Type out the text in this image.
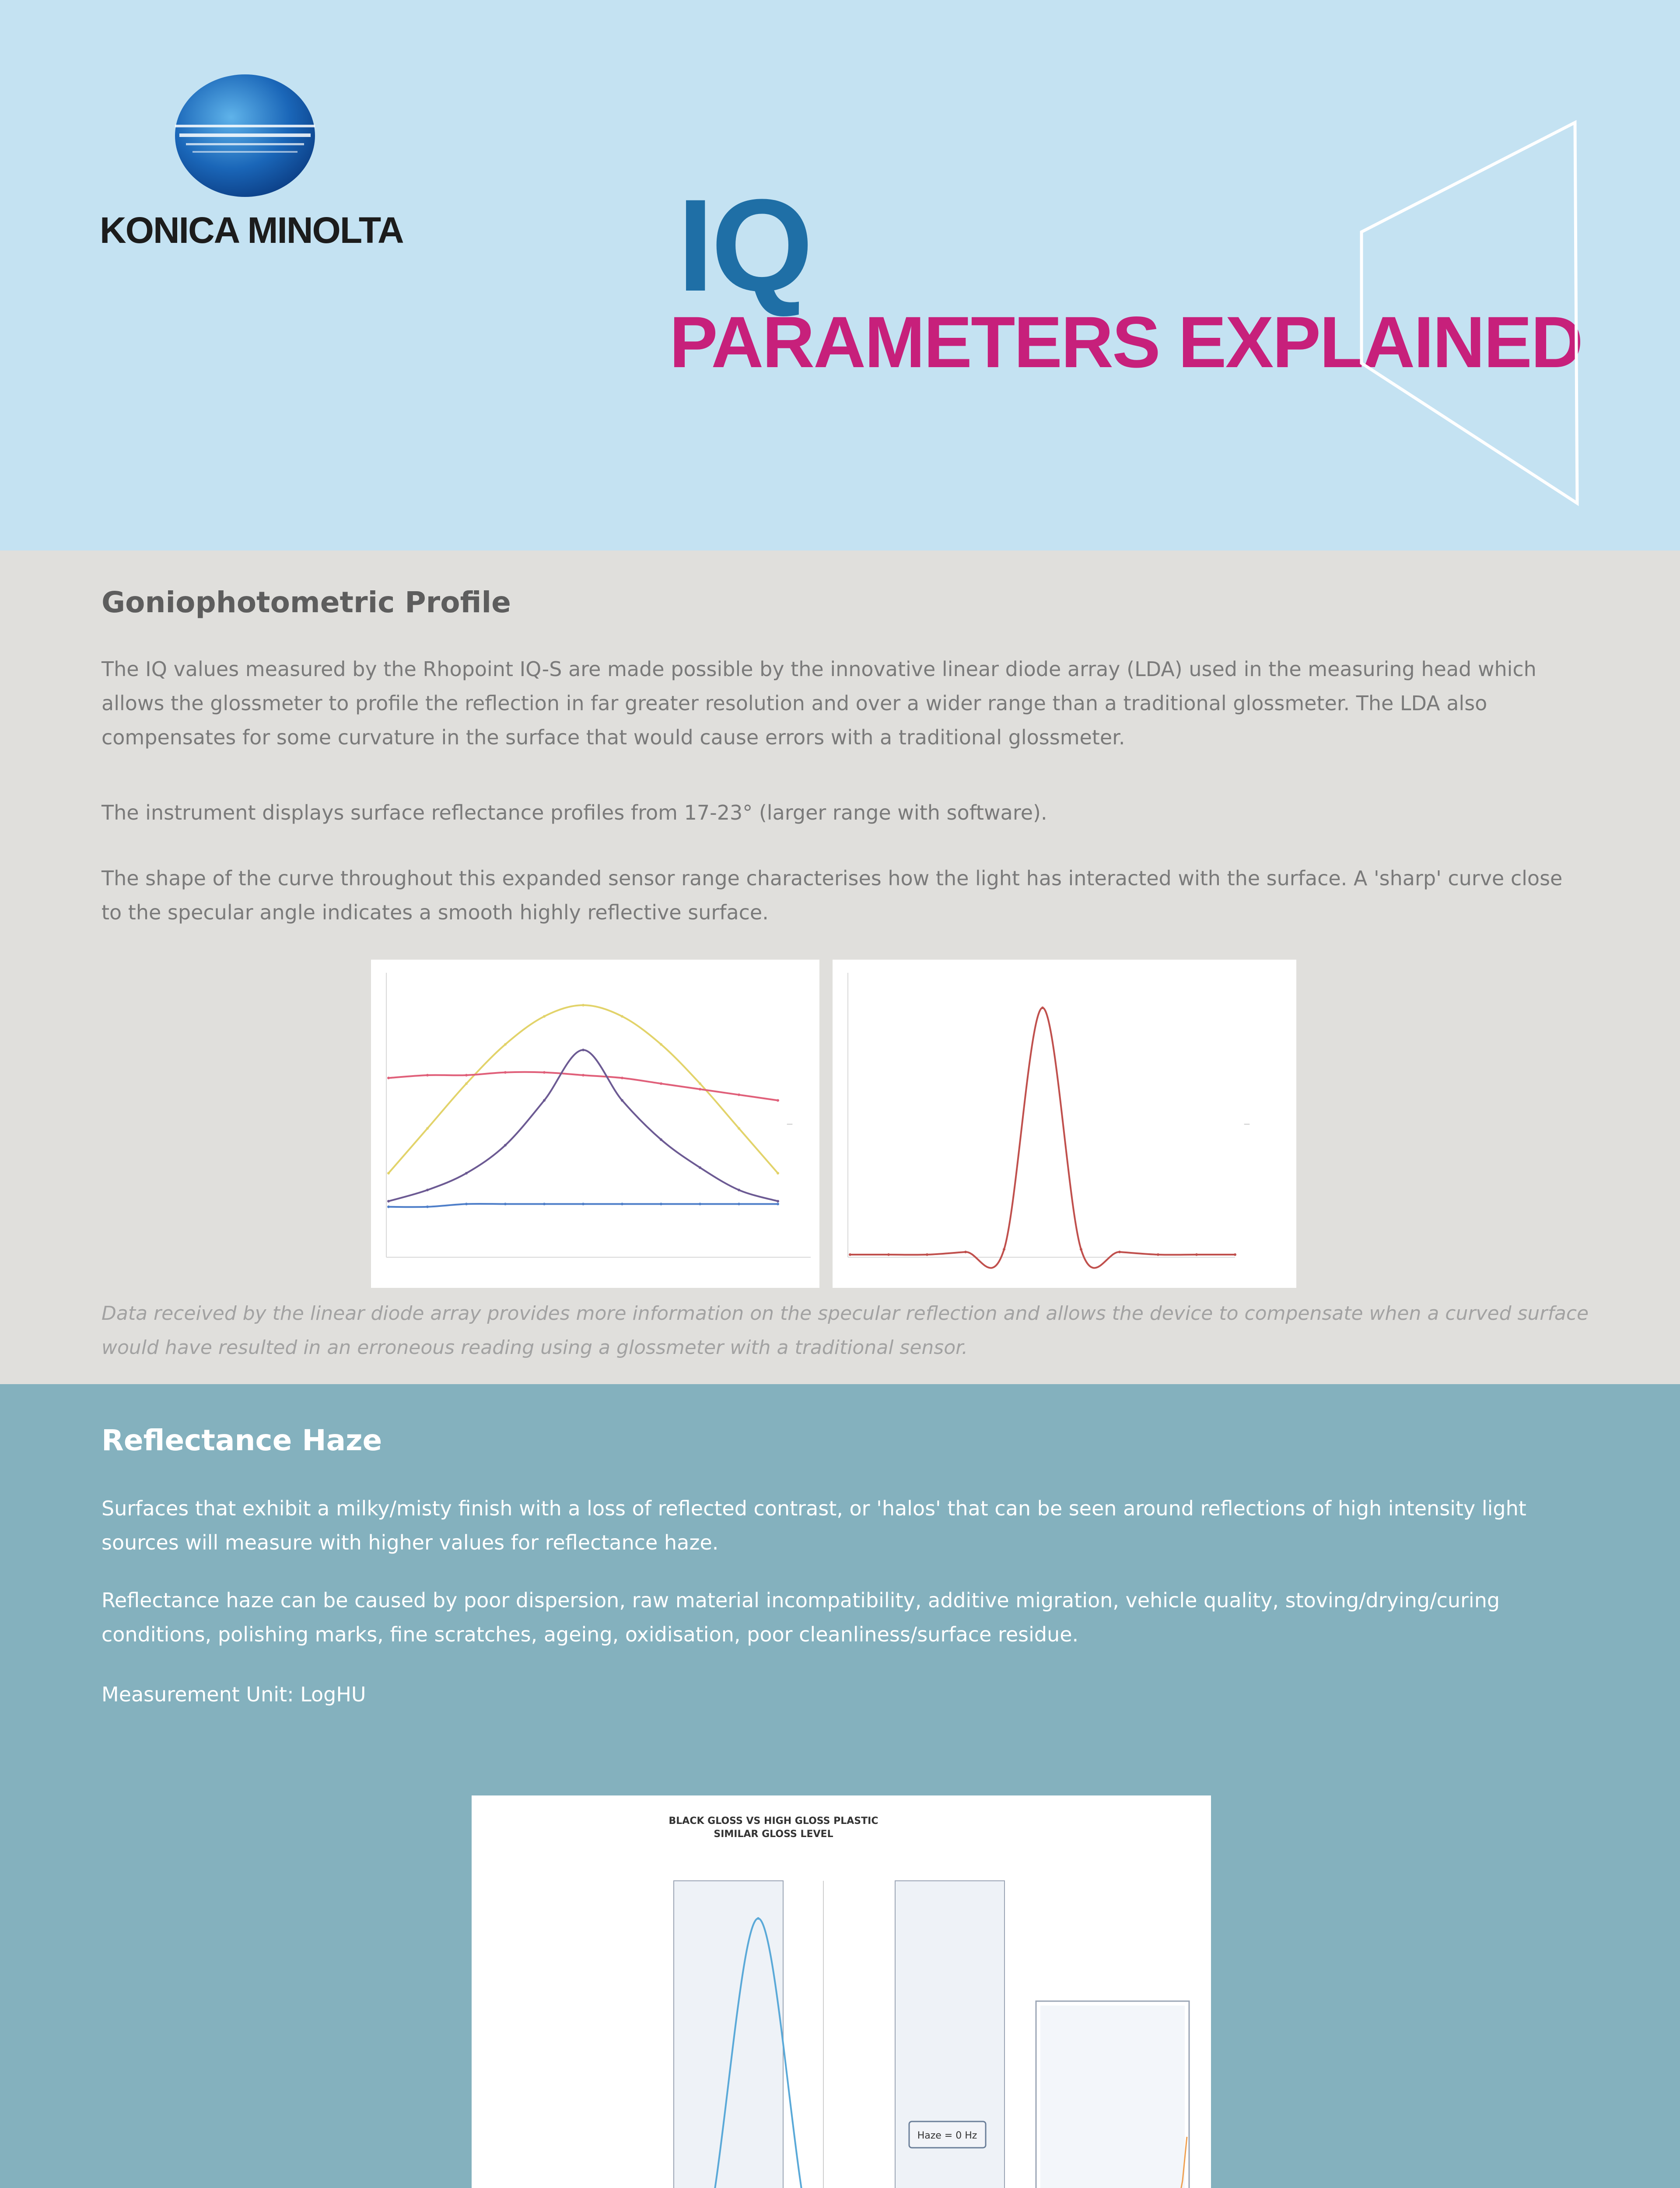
KONICA MINOLTA IQ
PARAMETERS EXPLAINED
Goniophotometric Profile
The IQ values measured by the Rhopoint IQ-S are made possible by the innovative linear diode array (LDA) used in the measuring head which allows the glossmeter to profile the reflection in far greater resolution and over a wider range than a traditional glossmeter. The LDA also compensates for some curvature in the surface that would cause errors with a traditional glossmeter.
The instrument displays surface reflectance profiles from 17-23° (larger range with software).
The shape of the curve throughout this expanded sensor range characterises how the light has interacted with the surface. A 'sharp' curve close to the specular angle indicates a smooth highly reflective surface.
—	—
Data received by the linear diode array provides more information on the specular reflection and allows the device to compensate when a curved surface would have resulted in an erroneous reading using a glossmeter with a traditional sensor.
Reflectance Haze
Surfaces that exhibit a milky/misty finish with a loss of reflected contrast, or 'halos' that can be seen around reflections of high intensity light sources will measure with higher values for reflectance haze.
Reflectance haze can be caused by poor dispersion, raw material incompatibility, additive migration, vehicle quality, stoving/drying/curing conditions, polishing marks, fine scratches, ageing, oxidisation, poor cleanliness/surface residue.
Measurement Unit: LogHU
BLACK GLOSS VS HIGH GLOSS PLASTIC
SIMILAR GLOSS LEVEL
Haze = 0 Hz
